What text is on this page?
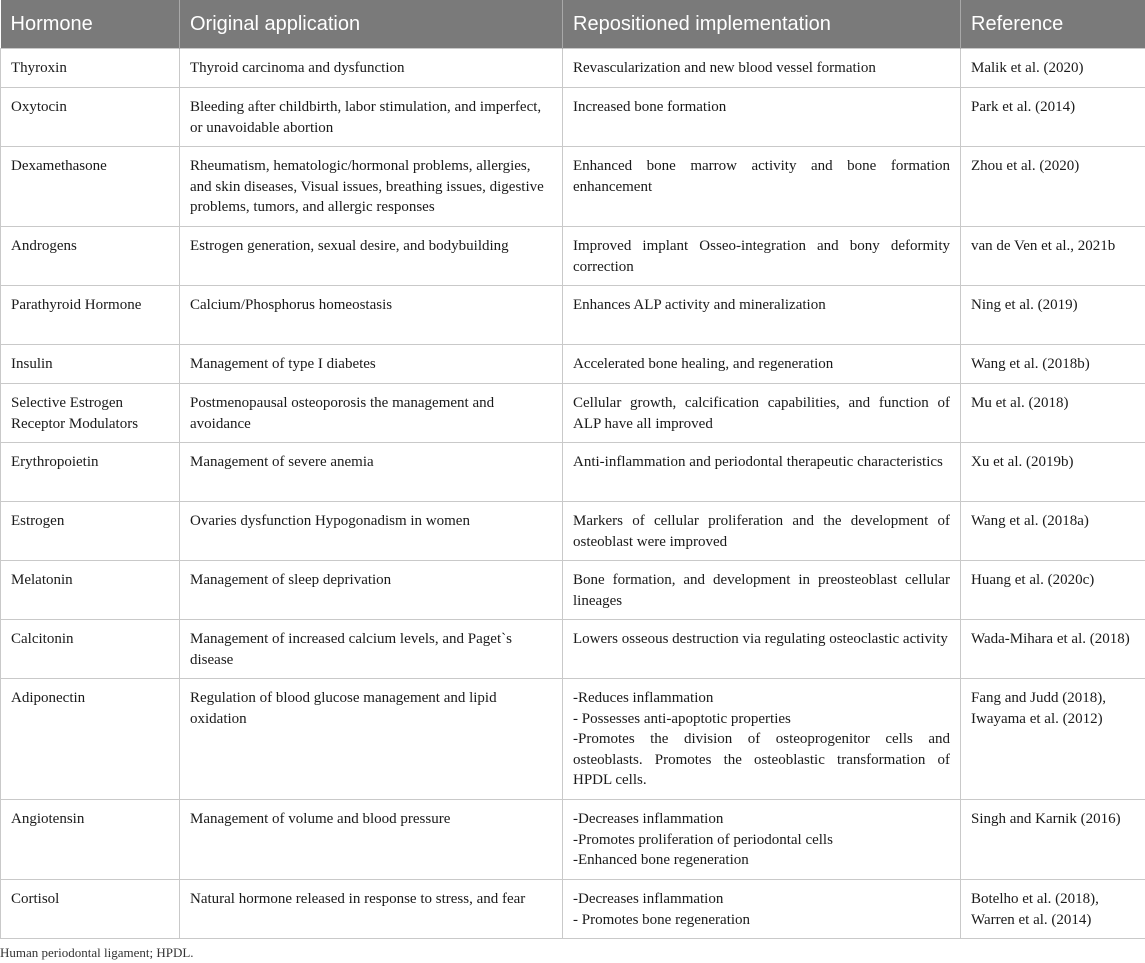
Hormone	Original application	Repositioned implementation	Reference
Thyroxin	Thyroid carcinoma and dysfunction	Revascularization and new blood vessel formation	Malik et al. (2020)
Oxytocin	Bleeding after childbirth, labor stimulation, and imperfect, or unavoidable abortion	Increased bone formation	Park et al. (2014)
Dexamethasone	Rheumatism, hematologic/hormonal problems, allergies, and skin diseases, Visual issues, breathing issues, digestive problems, tumors, and allergic responses	Enhanced bone marrow activity and bone formation enhancement	Zhou et al. (2020)
Androgens	Estrogen generation, sexual desire, and bodybuilding	Improved implant Osseo-integration and bony deformity correction	van de Ven et al., 2021b
Parathyroid Hormone	Calcium/Phosphorus homeostasis	Enhances ALP activity and mineralization	Ning et al. (2019)
Insulin	Management of type I diabetes	Accelerated bone healing, and regeneration	Wang et al. (2018b)
Selective Estrogen Receptor Modulators	Postmenopausal osteoporosis the management and avoidance	Cellular growth, calcification capabilities, and function of ALP have all improved	Mu et al. (2018)
Erythropoietin	Management of severe anemia	Anti-inflammation and periodontal therapeutic characteristics	Xu et al. (2019b)
Estrogen	Ovaries dysfunction Hypogonadism in women	Markers of cellular proliferation and the development of osteoblast were improved	Wang et al. (2018a)
Melatonin	Management of sleep deprivation	Bone formation, and development in preosteoblast cellular lineages	Huang et al. (2020c)
Calcitonin	Management of increased calcium levels, and Paget`s disease	Lowers osseous destruction via regulating osteoclastic activity	Wada-Mihara et al. (2018)
Adiponectin	Regulation of blood glucose management and lipid oxidation	-Reduces inflammation
- Possesses anti-apoptotic properties
-Promotes the division of osteoprogenitor cells and osteoblasts. Promotes the osteoblastic transformation of HPDL cells.	Fang and Judd (2018), Iwayama et al. (2012)
Angiotensin	Management of volume and blood pressure	-Decreases inflammation
-Promotes proliferation of periodontal cells
-Enhanced bone regeneration	Singh and Karnik (2016)
Cortisol	Natural hormone released in response to stress, and fear	-Decreases inflammation
- Promotes bone regeneration	Botelho et al. (2018), Warren et al. (2014)
Human periodontal ligament; HPDL.
